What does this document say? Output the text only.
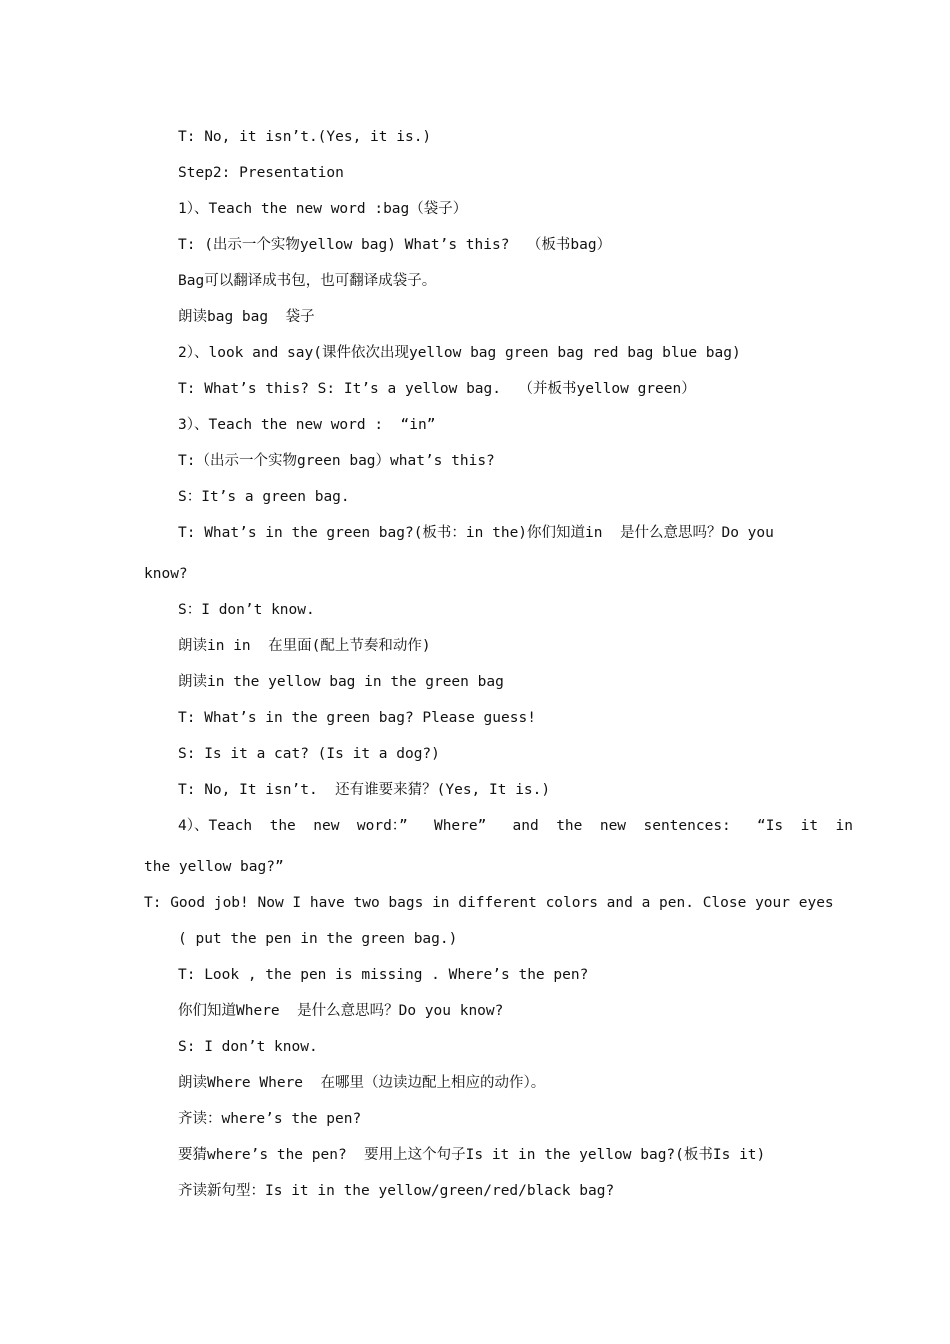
T: No, it isn’t.(Yes, it is.)
Step2: Presentation
1）、Teach the new word :bag（袋子）
T: (出示一个实物yellow bag) What’s this?  （板书bag）
Bag可以翻译成书包，也可翻译成袋子。
朗读bag bag  袋子
2）、look and say(课件依次出现yellow bag green bag red bag blue bag)
T: What’s this? S: It’s a yellow bag.  （并板书yellow green）
3）、Teach the new word :  “in”
T:（出示一个实物green bag）what’s this?
S：It’s a green bag.
T: What’s in the green bag?(板书：in the)你们知道in  是什么意思吗？Do you
know?
S：I don’t know.
朗读in in  在里面(配上节奏和动作)
朗读in the yellow bag in the green bag
T: What’s in the green bag? Please guess!
S: Is it a cat? (Is it a dog?)
T: No, It isn’t.  还有谁要来猜？(Yes, It is.)
4）、Teach  the  new  word：”   Where”   and  the  new  sentences:   “Is  it  in
the yellow bag?”
T: Good job! Now I have two bags in different colors and a pen. Close your eyes
( put the pen in the green bag.)
T: Look , the pen is missing . Where’s the pen?
你们知道Where  是什么意思吗？Do you know?
S: I don’t know.
朗读Where Where  在哪里（边读边配上相应的动作）。
齐读：where’s the pen?
要猜where’s the pen?  要用上这个句子Is it in the yellow bag?(板书Is it)
齐读新句型：Is it in the yellow/green/red/black bag?
